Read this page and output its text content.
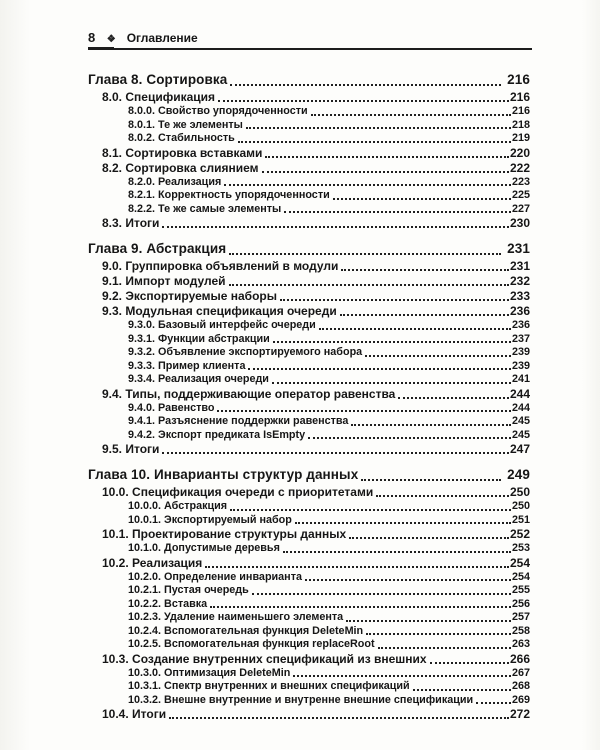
8 ❖ Оглавление
Глава 8. Сортировка	216
8.0. Спецификация	216
8.0.0. Свойство упорядоченности	216
8.0.1. Те же элементы	218
8.0.2. Стабильность	219
8.1. Сортировка вставками	220
8.2. Сортировка слиянием	222
8.2.0. Реализация	223
8.2.1. Корректность упорядоченности	225
8.2.2. Те же самые элементы	227
8.3. Итоги	230
Глава 9. Абстракция	231
9.0. Группировка объявлений в модули	231
9.1. Импорт модулей	232
9.2. Экспортируемые наборы	233
9.3. Модульная спецификация очереди	236
9.3.0. Базовый интерфейс очереди	236
9.3.1. Функции абстракции	237
9.3.2. Объявление экспортируемого набора	239
9.3.3. Пример клиента	239
9.3.4. Реализация очереди	241
9.4. Типы, поддерживающие оператор равенства	244
9.4.0. Равенство	244
9.4.1. Разъяснение поддержки равенства	245
9.4.2. Экспорт предиката IsEmpty	245
9.5. Итоги	247
Глава 10. Инварианты структур данных	249
10.0. Спецификация очереди с приоритетами	250
10.0.0. Абстракция	250
10.0.1. Экспортируемый набор	251
10.1. Проектирование структуры данных	252
10.1.0. Допустимые деревья	253
10.2. Реализация	254
10.2.0. Определение инварианта	254
10.2.1. Пустая очередь	255
10.2.2. Вставка	256
10.2.3. Удаление наименьшего элемента	257
10.2.4. Вспомогательная функция DeleteMin	258
10.2.5. Вспомогательная функция replaceRoot	263
10.3. Создание внутренних спецификаций из внешних	266
10.3.0. Оптимизация DeleteMin	267
10.3.1. Спектр внутренних и внешних спецификаций	268
10.3.2. Внешне внутренние и внутренне внешние спецификации	269
10.4. Итоги	272
